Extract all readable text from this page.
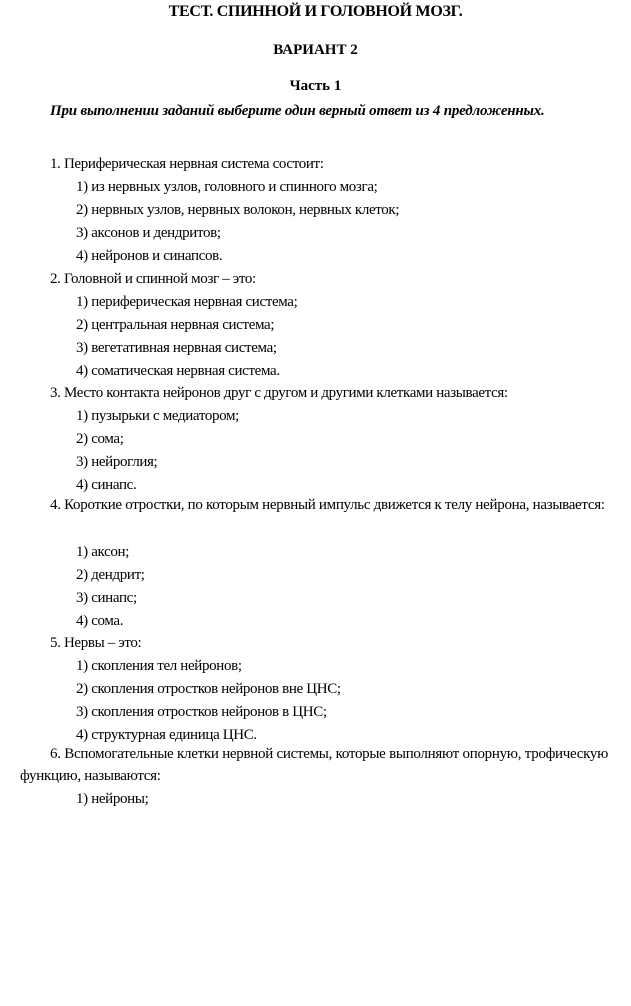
ТЕСТ. СПИННОЙ И ГОЛОВНОЙ МОЗГ.
ВАРИАНТ 2
Часть 1
При выполнении заданий выберите один верный ответ из 4 предложенных.
1. Периферическая нервная система состоит:
1) из нервных узлов, головного и спинного мозга;
2) нервных узлов, нервных волокон, нервных клеток;
3) аксонов и дендритов;
4) нейронов и синапсов.
2. Головной и спинной мозг – это:
1) периферическая нервная система;
2) центральная нервная система;
3) вегетативная нервная система;
4) соматическая нервная система.
3. Место контакта нейронов друг с другом и другими клетками называется:
1) пузырьки с медиатором;
2) сома;
3) нейроглия;
4) синапс.
4. Короткие отростки, по которым нервный импульс движется к телу нейрона, называется:
1) аксон;
2) дендрит;
3) синапс;
4) сома.
5. Нервы – это:
1) скопления тел нейронов;
2) скопления отростков нейронов вне ЦНС;
3) скопления отростков нейронов в ЦНС;
4) структурная единица ЦНС.
6. Вспомогательные клетки нервной системы, которые выполняют опорную, трофическую функцию, называются:
1) нейроны;
